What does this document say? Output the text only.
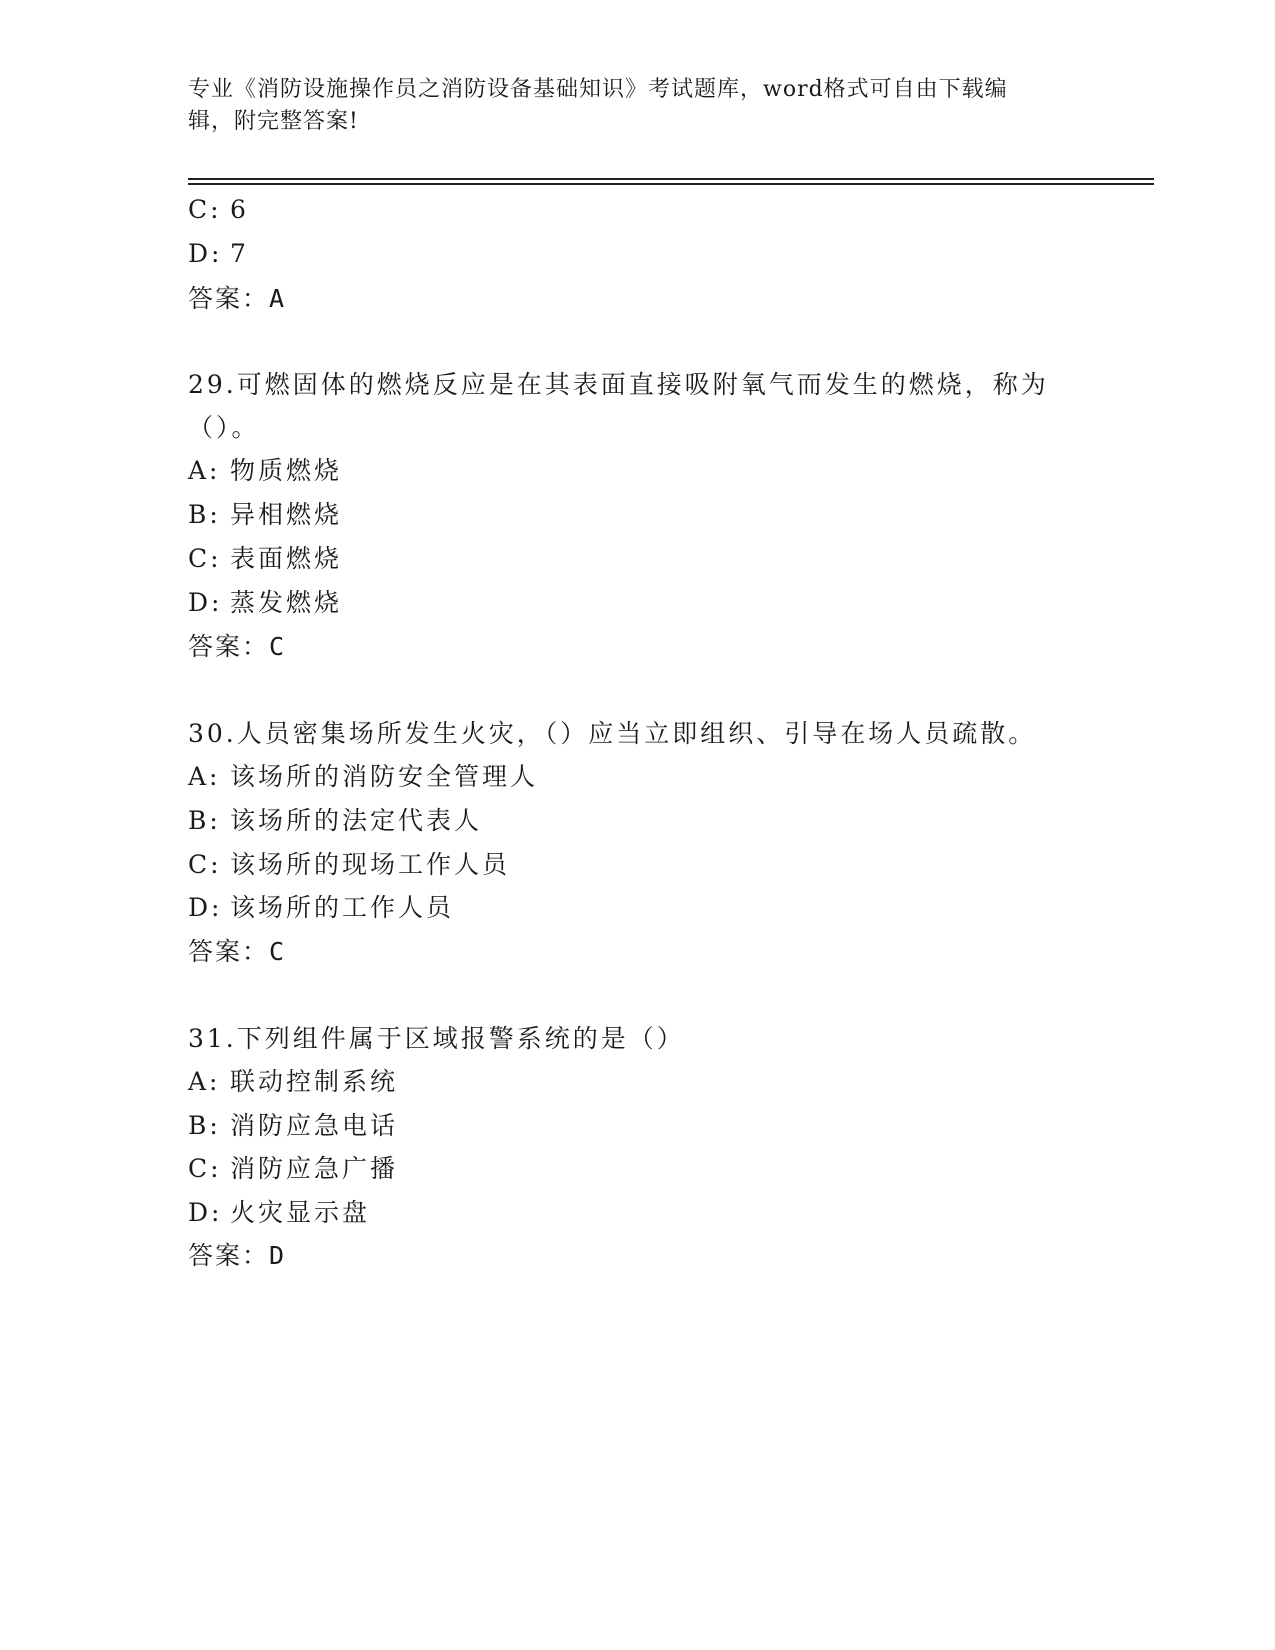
专业《消防设施操作员之消防设备基础知识》考试题库，word格式可自由下载编
辑，附完整答案!
C: 6
D: 7
答案：A
29.可燃固体的燃烧反应是在其表面直接吸附氧气而发生的燃烧，称为
（）。
A: 物质燃烧
B: 异相燃烧
C: 表面燃烧
D: 蒸发燃烧
答案：C
30.人员密集场所发生火灾，（）应当立即组织、引导在场人员疏散。
A: 该场所的消防安全管理人
B: 该场所的法定代表人
C: 该场所的现场工作人员
D: 该场所的工作人员
答案：C
31.下列组件属于区域报警系统的是（）
A: 联动控制系统
B: 消防应急电话
C: 消防应急广播
D: 火灾显示盘
答案：D
